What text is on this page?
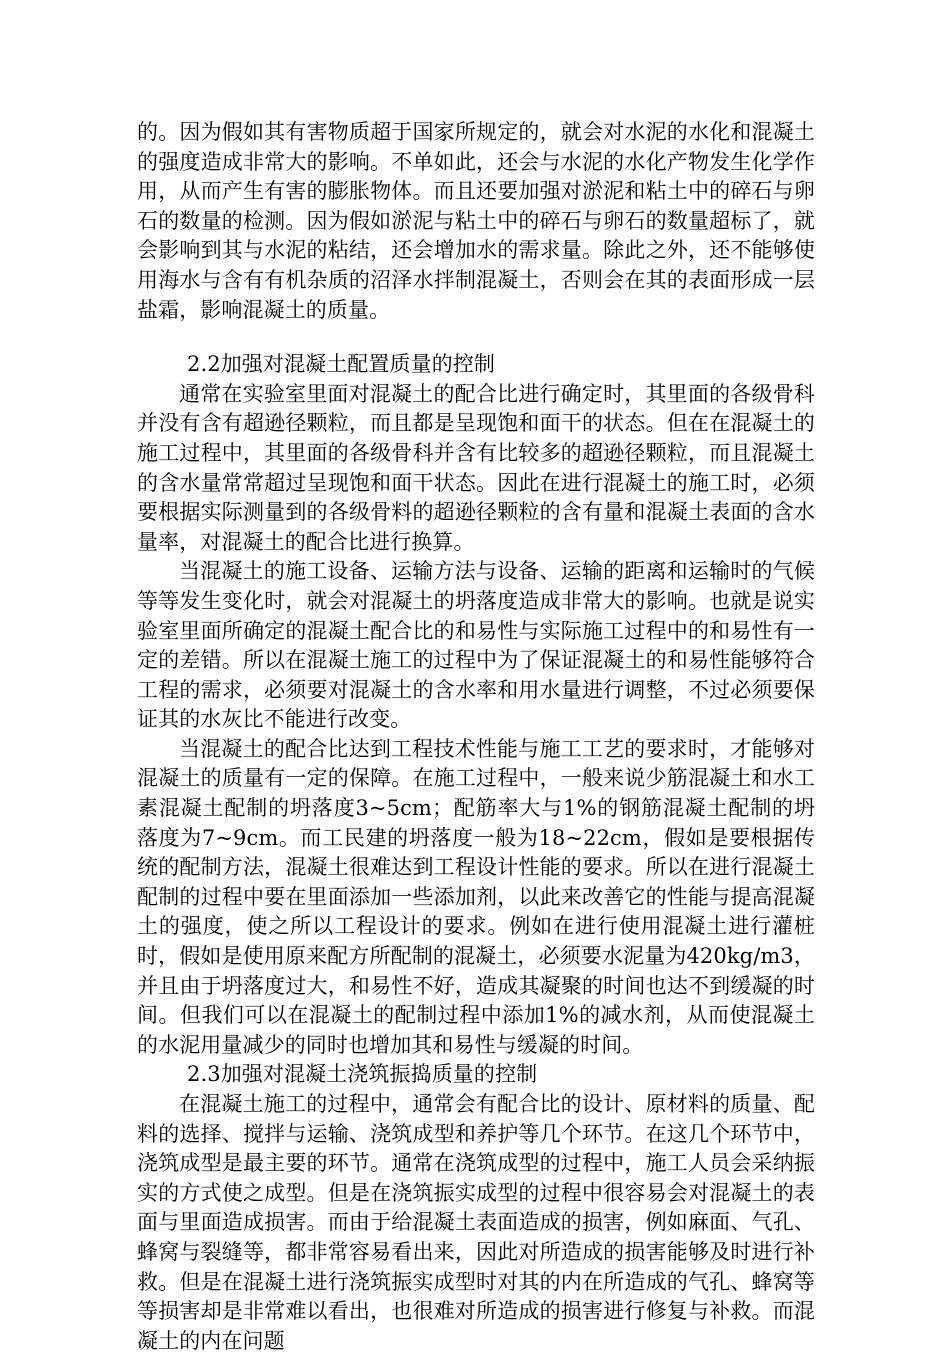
的。因为假如其有害物质超于国家所规定的，就会对水泥的水化和混凝土的强度造成非常大的影响。不单如此，还会与水泥的水化产物发生化学作用，从而产生有害的膨胀物体。而且还要加强对淤泥和粘土中的碎石与卵石的数量的检测。因为假如淤泥与粘土中的碎石与卵石的数量超标了，就会影响到其与水泥的粘结，还会增加水的需求量。除此之外，还不能够使用海水与含有有机杂质的沼泽水拌制混凝土，否则会在其的表面形成一层盐霜，影响混凝土的质量。

2.2加强对混凝土配置质量的控制

通常在实验室里面对混凝土的配合比进行确定时，其里面的各级骨科并没有含有超逊径颗粒，而且都是呈现饱和面干的状态。但在在混凝土的施工过程中，其里面的各级骨科并含有比较多的超逊径颗粒，而且混凝土的含水量常常超过呈现饱和面干状态。因此在进行混凝土的施工时，必须要根据实际测量到的各级骨料的超逊径颗粒的含有量和混凝土表面的含水量率，对混凝土的配合比进行换算。

当混凝土的施工设备、运输方法与设备、运输的距离和运输时的气候等等发生变化时，就会对混凝土的坍落度造成非常大的影响。也就是说实验室里面所确定的混凝土配合比的和易性与实际施工过程中的和易性有一定的差错。所以在混凝土施工的过程中为了保证混凝土的和易性能够符合工程的需求，必须要对混凝土的含水率和用水量进行调整，不过必须要保证其的水灰比不能进行改变。

当混凝土的配合比达到工程技术性能与施工工艺的要求时，才能够对混凝土的质量有一定的保障。在施工过程中，一般来说少筋混凝土和水工素混凝土配制的坍落度3~5cm；配筋率大与1%的钢筋混凝土配制的坍落度为7~9cm。而工民建的坍落度一般为18~22cm，假如是要根据传统的配制方法，混凝土很难达到工程设计性能的要求。所以在进行混凝土配制的过程中要在里面添加一些添加剂，以此来改善它的性能与提高混凝土的强度，使之所以工程设计的要求。例如在进行使用混凝土进行灌桩时，假如是使用原来配方所配制的混凝土，必须要水泥量为420kg/m3，并且由于坍落度过大，和易性不好，造成其凝聚的时间也达不到缓凝的时间。但我们可以在混凝土的配制过程中添加1%的减水剂，从而使混凝土的水泥用量减少的同时也增加其和易性与缓凝的时间。

2.3加强对混凝土浇筑振捣质量的控制

在混凝土施工的过程中，通常会有配合比的设计、原材料的质量、配料的选择、搅拌与运输、浇筑成型和养护等几个环节。在这几个环节中，浇筑成型是最主要的环节。通常在浇筑成型的过程中，施工人员会采纳振实的方式使之成型。但是在浇筑振实成型的过程中很容易会对混凝土的表面与里面造成损害。而由于给混凝土表面造成的损害，例如麻面、气孔、蜂窝与裂缝等，都非常容易看出来，因此对所造成的损害能够及时进行补救。但是在混凝土进行浇筑振实成型时对其的内在所造成的气孔、蜂窝等等损害却是非常难以看出，也很难对所造成的损害进行修复与补救。而混凝土的内在问题
